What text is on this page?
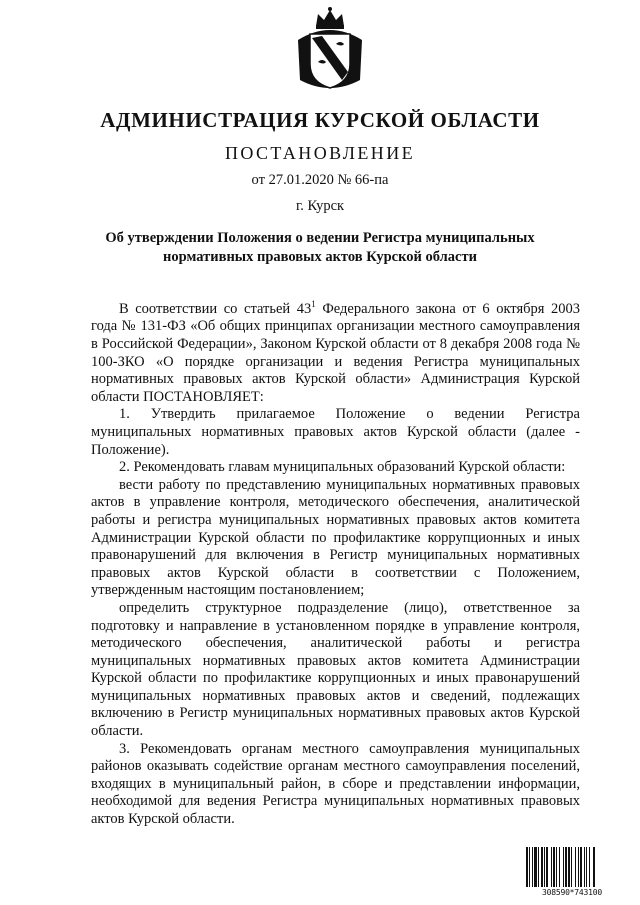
АДМИНИСТРАЦИЯ КУРСКОЙ ОБЛАСТИ
ПОСТАНОВЛЕНИЕ
от 27.01.2020 № 66-па
г. Курск
Об утверждении Положения о ведении Регистра муниципальных
нормативных правовых актов Курской области

В соответствии со статьей $43^1$ Федерального закона от 6 октября 2003 года № 131-ФЗ «Об общих принципах организации местного самоуправления в Российской Федерации», Законом Курской области от 8 декабря 2008 года № 100-ЗКО «О порядке организации и ведения Регистра муниципальных нормативных правовых актов Курской области» Администрация Курской области ПОСТАНОВЛЯЕТ:

1. Утвердить прилагаемое Положение о ведении Регистра муниципальных нормативных правовых актов Курской области (далее - Положение).

2. Рекомендовать главам муниципальных образований Курской области:

вести работу по представлению муниципальных нормативных правовых актов в управление контроля, методического обеспечения, аналитической работы и регистра муниципальных нормативных правовых актов комитета Администрации Курской области по профилактике коррупционных и иных правонарушений для включения в Регистр муниципальных нормативных правовых актов Курской области в соответствии с Положением, утвержденным настоящим постановлением;

определить структурное подразделение (лицо), ответственное за подготовку и направление в установленном порядке в управление контроля, методического обеспечения, аналитической работы и регистра муниципальных нормативных правовых актов комитета Администрации Курской области по профилактике коррупционных и иных правонарушений муниципальных нормативных правовых актов и сведений, подлежащих включению в Регистр муниципальных нормативных правовых актов Курской области.

3. Рекомендовать органам местного самоуправления муниципальных районов оказывать содействие органам местного самоуправления поселений, входящих в муниципальный район, в сборе и представлении информации, необходимой для ведения Регистра муниципальных нормативных правовых актов Курской области.

308590*743100
